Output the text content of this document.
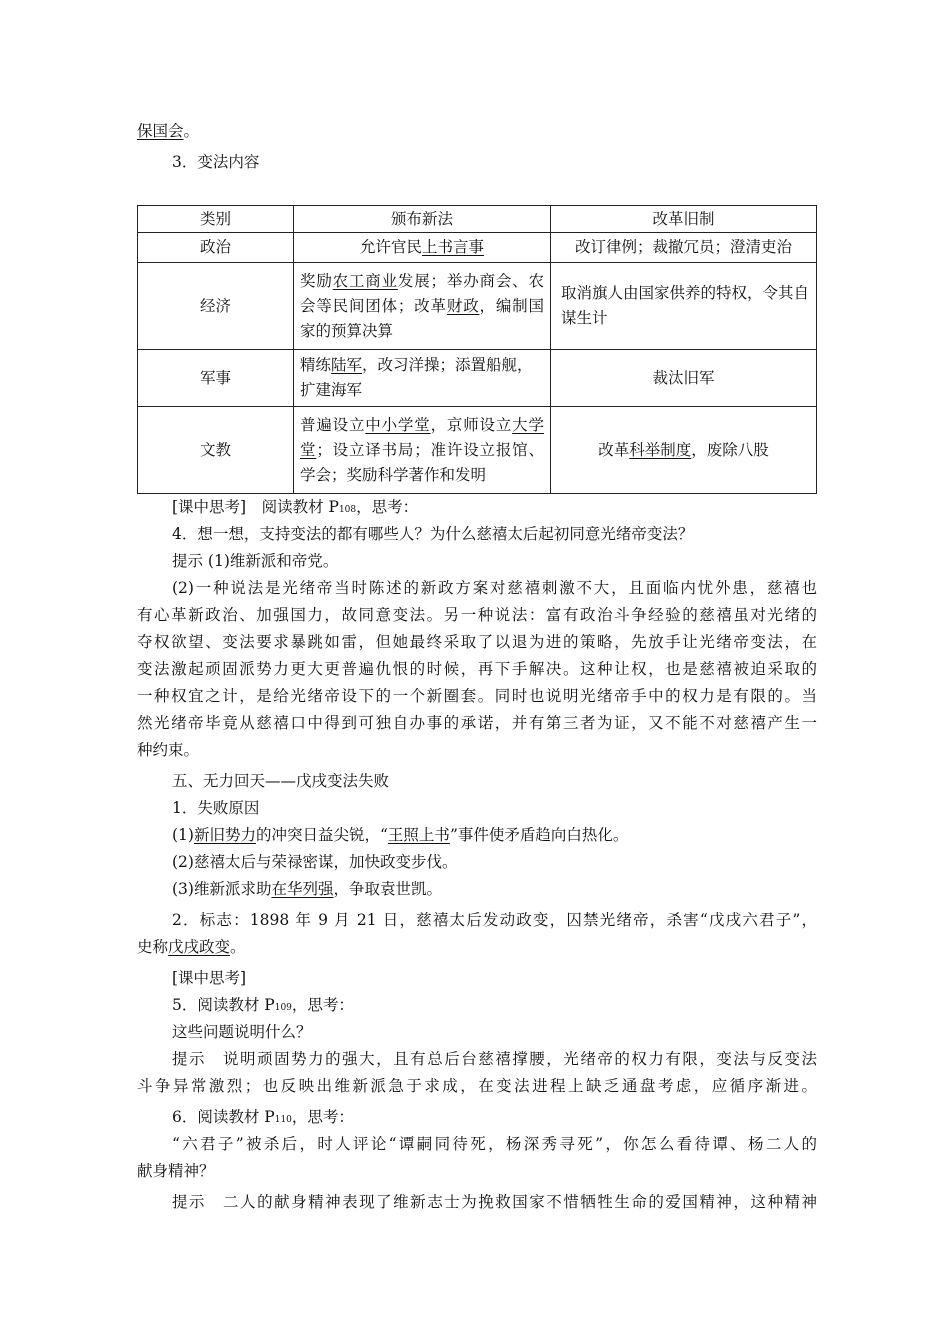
保国会。
3．变法内容
类别	颁布新法	改革旧制
政治	允许官民上书言事	改订律例；裁撤冗员；澄清吏治
经济	奖励农工商业发展；举办商会、农会等民间团体；改革财政，编制国家的预算决算	取消旗人由国家供养的特权，令其自谋生计
军事	精练陆军，改习洋操；添置船舰，扩建海军	裁汰旧军
文教	普遍设立中小学堂，京师设立大学堂；设立译书局；准许设立报馆、学会；奖励科学著作和发明	改革科举制度，废除八股
[课中思考]　阅读教材 P108，思考：
4．想一想，支持变法的都有哪些人？为什么慈禧太后起初同意光绪帝变法？
提示 (1)维新派和帝党。
(2)一种说法是光绪帝当时陈述的新政方案对慈禧刺激不大，且面临内忧外患，慈禧也
有心革新政治、加强国力，故同意变法。另一种说法：富有政治斗争经验的慈禧虽对光绪的
夺权欲望、变法要求暴跳如雷，但她最终采取了以退为进的策略，先放手让光绪帝变法，在
变法激起顽固派势力更大更普遍仇恨的时候，再下手解决。这种让权，也是慈禧被迫采取的
一种权宜之计，是给光绪帝设下的一个新圈套。同时也说明光绪帝手中的权力是有限的。当
然光绪帝毕竟从慈禧口中得到可独自办事的承诺，并有第三者为证，又不能不对慈禧产生一
种约束。
五、无力回天——戊戌变法失败
1．失败原因
(1)新旧势力的冲突日益尖锐，“王照上书”事件使矛盾趋向白热化。
(2)慈禧太后与荣禄密谋，加快政变步伐。
(3)维新派求助在华列强，争取袁世凯。
2．标志：1898 年 9 月 21 日，慈禧太后发动政变，囚禁光绪帝，杀害“戊戌六君子”，
史称戊戌政变。
[课中思考]
5．阅读教材 P109，思考：
这些问题说明什么？
提示　说明顽固势力的强大，且有总后台慈禧撑腰，光绪帝的权力有限，变法与反变法
斗争异常激烈；也反映出维新派急于求成，在变法进程上缺乏通盘考虑，应循序渐进。
6．阅读教材 P110，思考：
“六君子”被杀后，时人评论“谭嗣同待死，杨深秀寻死”，你怎么看待谭、杨二人的
献身精神？
提示　二人的献身精神表现了维新志士为挽救国家不惜牺牲生命的爱国精神，这种精神
